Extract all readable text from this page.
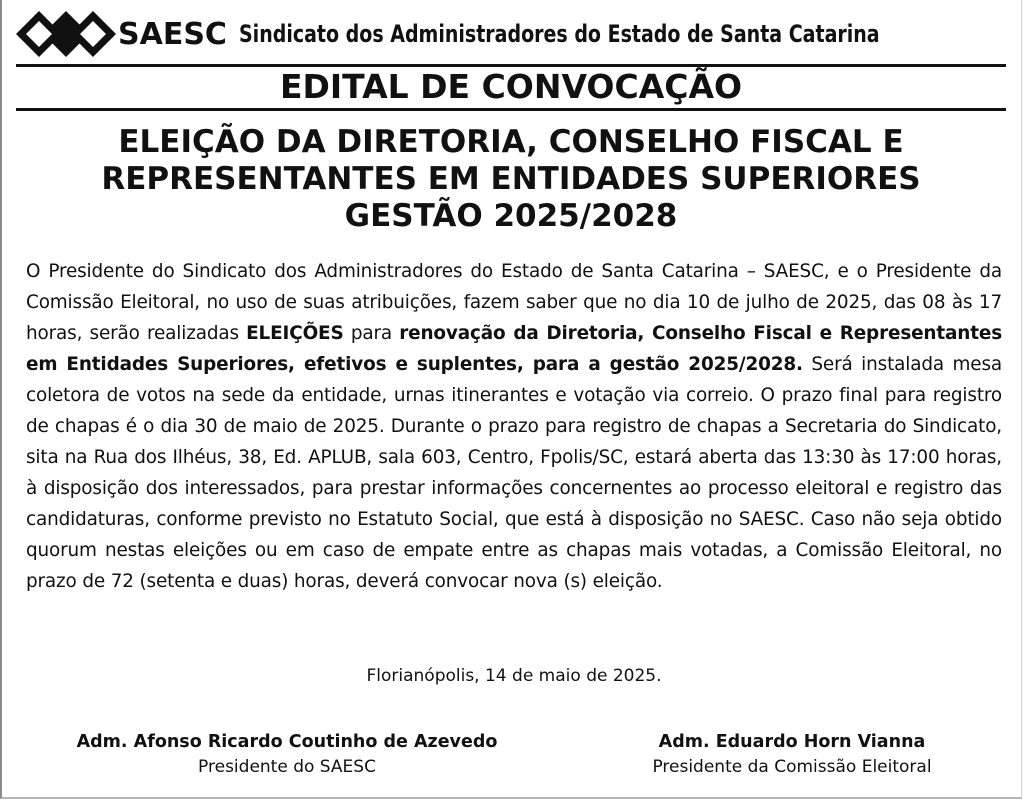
SAESC Sindicato dos Administradores do Estado de Santa Catarina
EDITAL DE CONVOCAÇÃO
ELEIÇÃO DA DIRETORIA, CONSELHO FISCAL E
REPRESENTANTES EM ENTIDADES SUPERIORES
GESTÃO 2025/2028
O Presidente do Sindicato dos Administradores do Estado de Santa Catarina – SAESC, e o Presidente da Comissão Eleitoral, no uso de suas atribuições, fazem saber que no dia 10 de julho de 2025, das 08 às 17 horas, serão realizadas ELEIÇÕES para renovação da Diretoria, Conselho Fiscal e Representantes em Entidades Superiores, efetivos e suplentes, para a gestão 2025/2028. Será instalada mesa coletora de votos na sede da entidade, urnas itinerantes e votação via correio. O prazo final para registro de chapas é o dia 30 de maio de 2025. Durante o prazo para registro de chapas a Secretaria do Sindicato, sita na Rua dos Ilhéus, 38, Ed. APLUB, sala 603, Centro, Fpolis/SC, estará aberta das 13:30 às 17:00 horas, à disposição dos interessados, para prestar informações concernentes ao processo eleitoral e registro das candidaturas, conforme previsto no Estatuto Social, que está à disposição no SAESC. Caso não seja obtido quorum nestas eleições ou em caso de empate entre as chapas mais votadas, a Comissão Eleitoral, no prazo de 72 (setenta e duas) horas, deverá convocar nova (s) eleição.
Florianópolis, 14 de maio de 2025.
Adm. Afonso Ricardo Coutinho de Azevedo
Presidente do SAESC
Adm. Eduardo Horn Vianna
Presidente da Comissão Eleitoral
